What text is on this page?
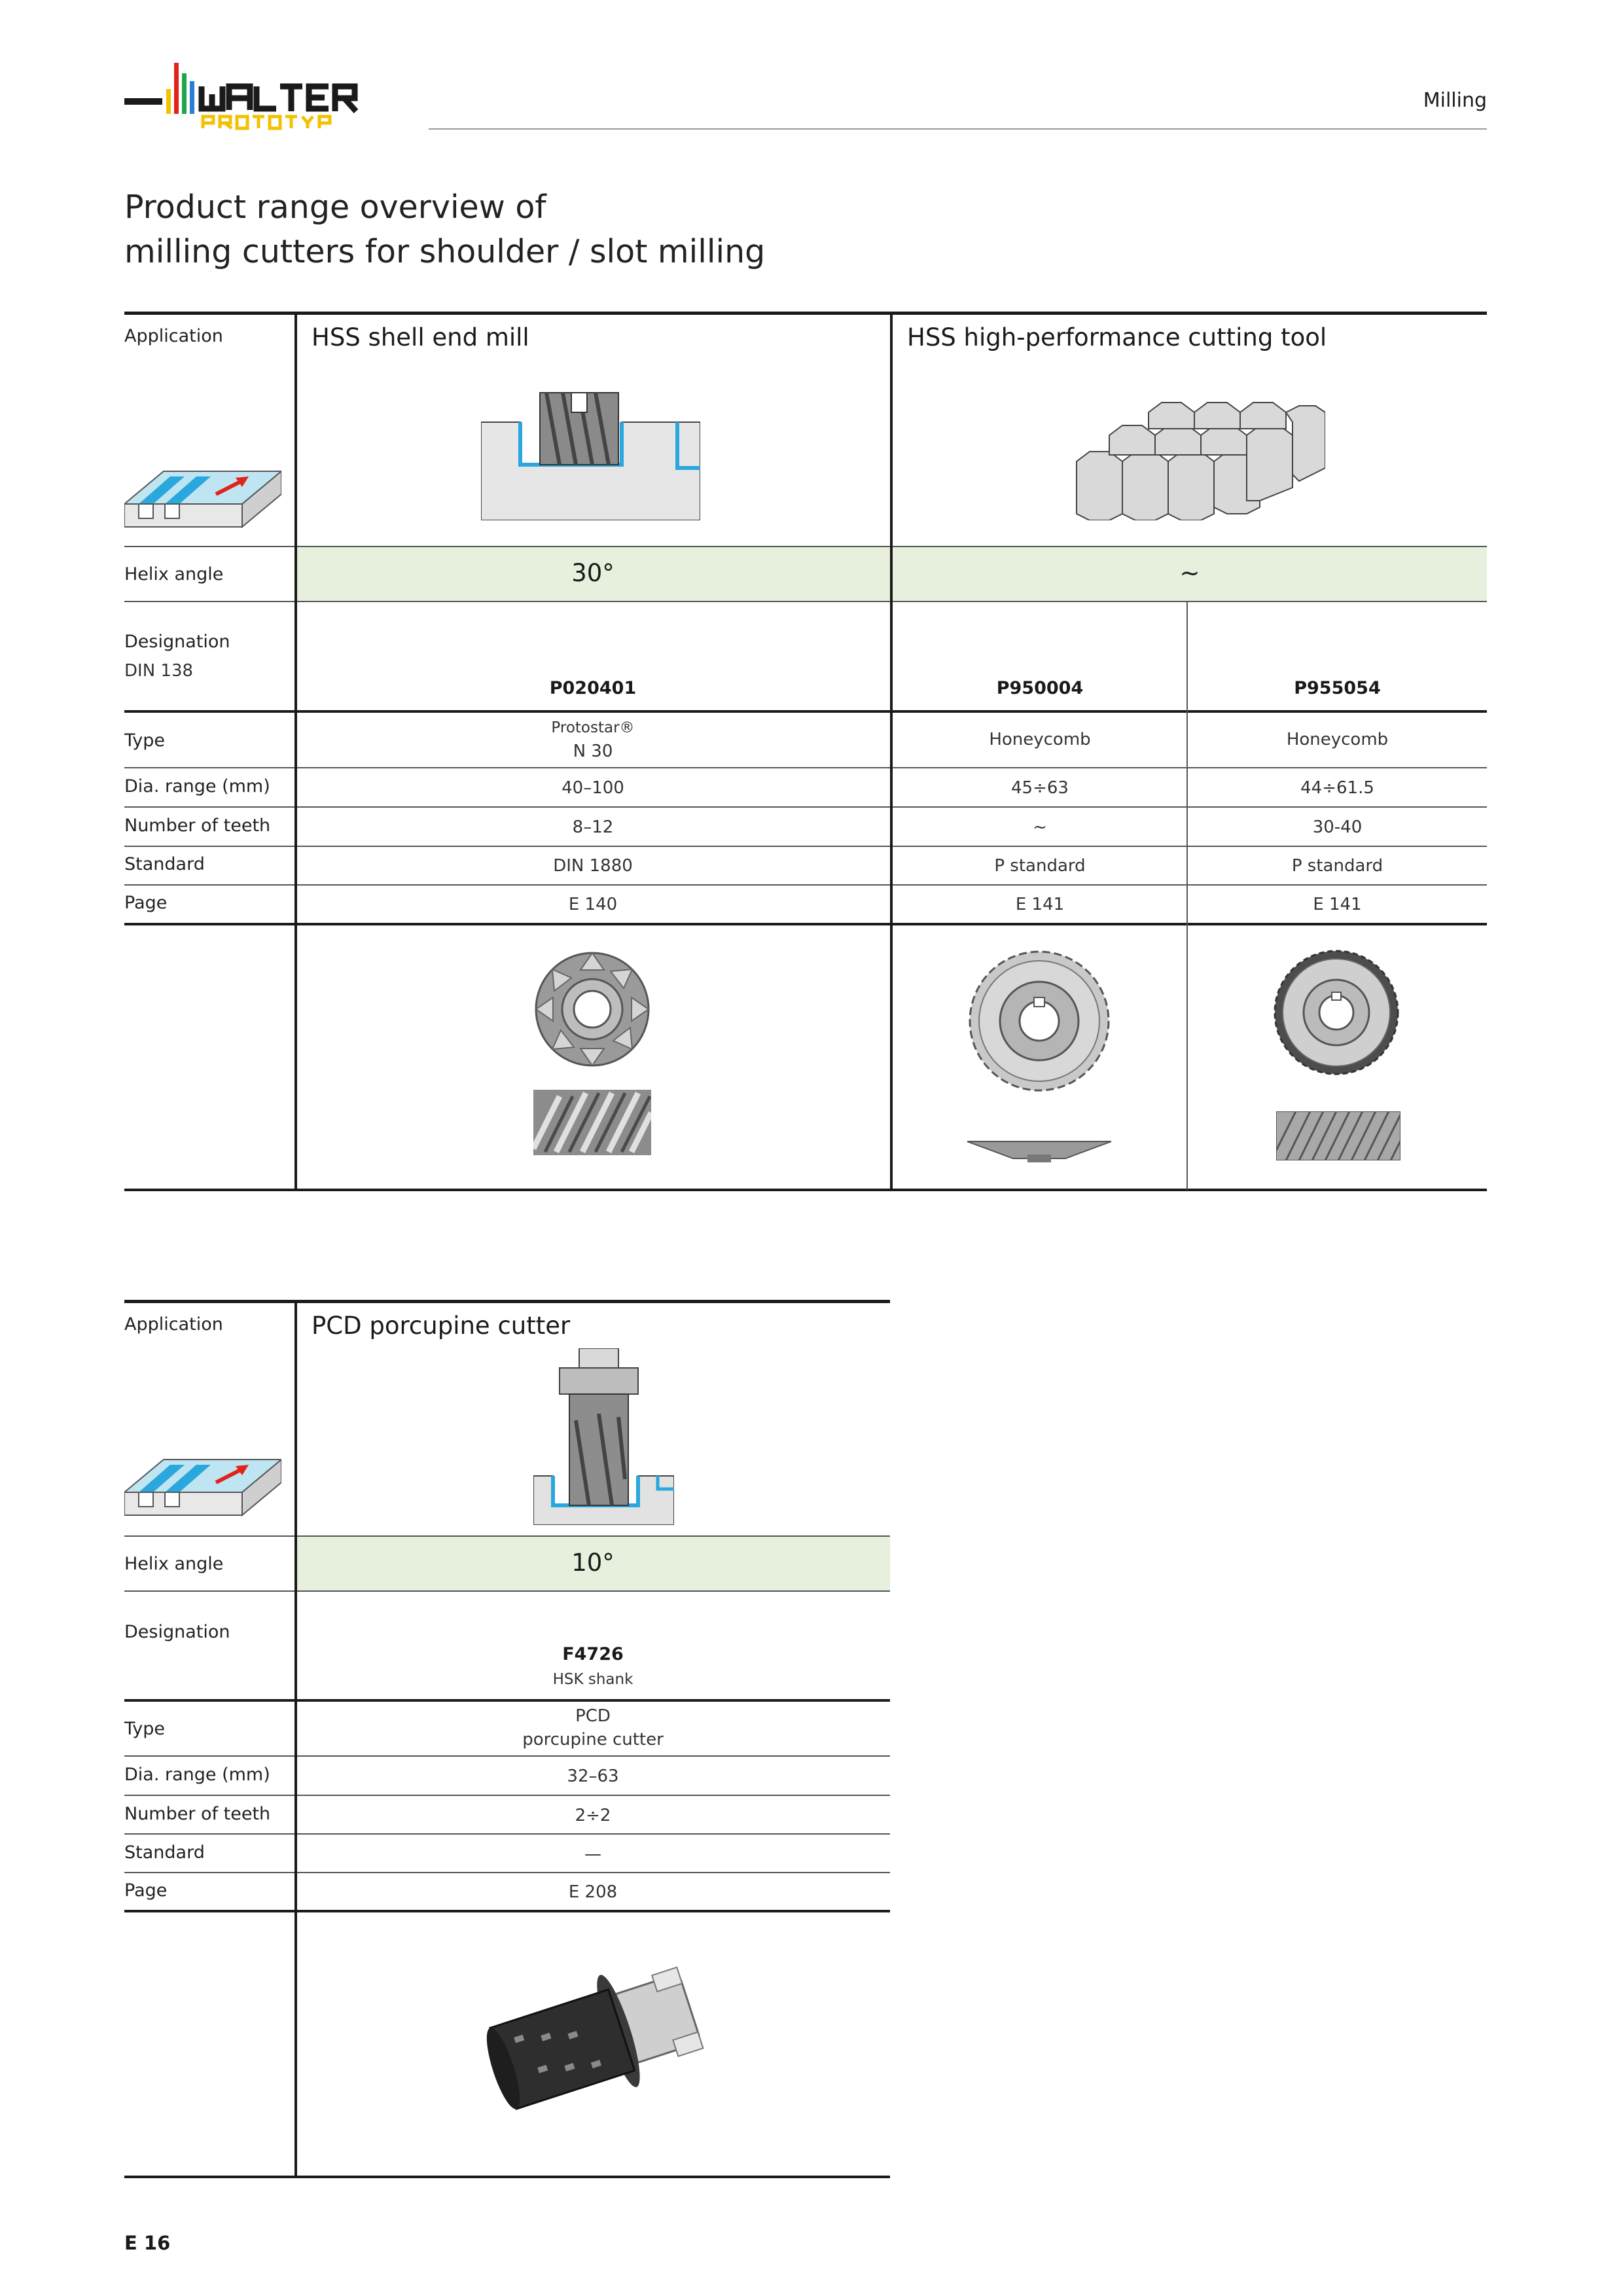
Milling
Product range overview of
milling cutters for shoulder / slot milling
Application
Helix angle
Designation
DIN 138
Type
Dia. range (mm)
Number of teeth
Standard
Page
HSS shell end mill	HSS high-performance cutting tool
30°	~
P020401
Protostar®
N 30
40–100
8–12
DIN 1880
E 140
P950004
Honeycomb
45÷63
~
P standard
E 141
P955054
Honeycomb
44÷61.5
30-40
P standard
E 141
Application
Helix angle
Designation
Type
Dia. range (mm)
Number of teeth
Standard
Page
PCD porcupine cutter
10°
F4726
HSK shank
PCD
porcupine cutter
32–63
2÷2
—
E 208
E 16
